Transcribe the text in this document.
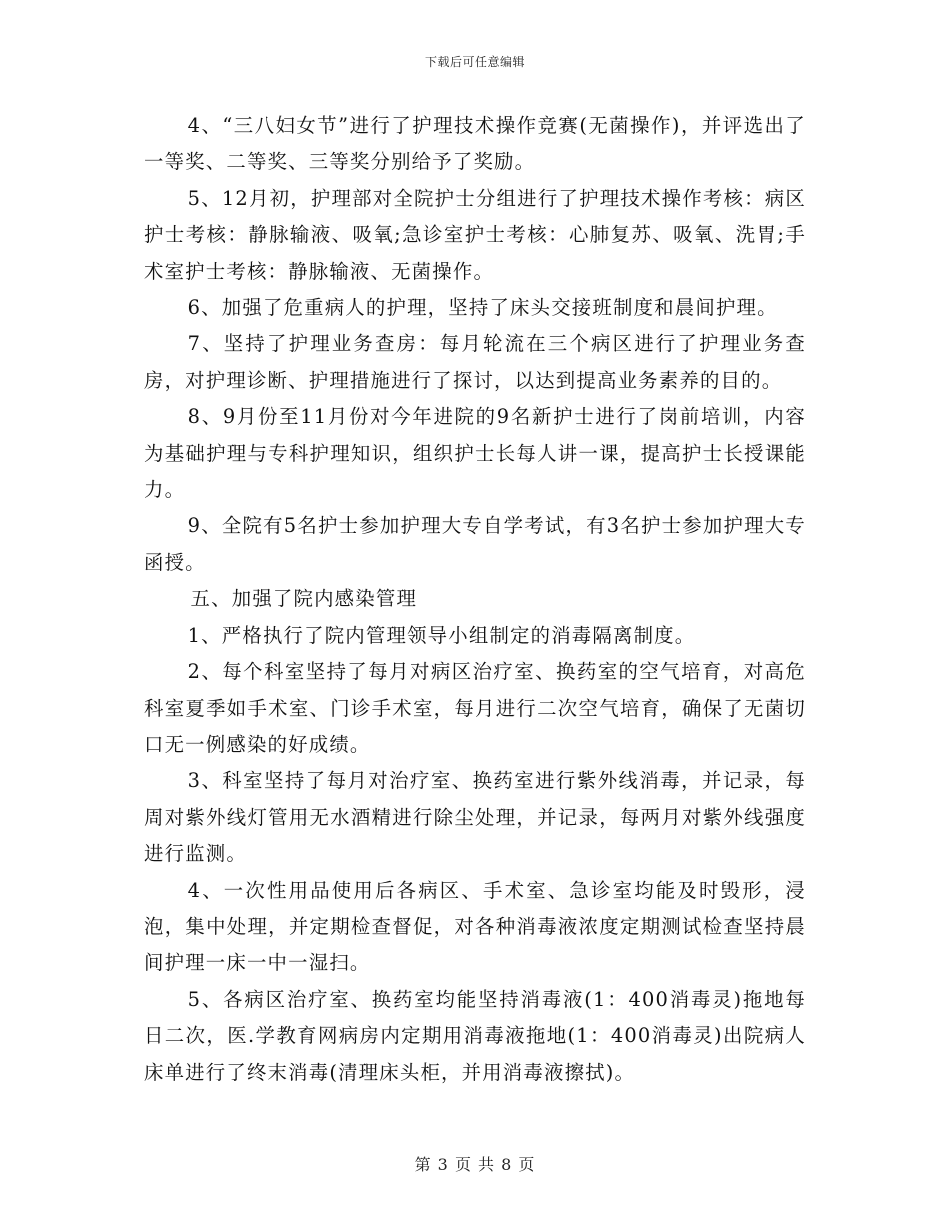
下载后可任意编辑

4、“三八妇女节”进行了护理技术操作竞赛(无菌操作)，并评选出了一等奖、二等奖、三等奖分别给予了奖励。

5、12月初，护理部对全院护士分组进行了护理技术操作考核：病区护士考核：静脉输液、吸氧;急诊室护士考核：心肺复苏、吸氧、洗胃;手术室护士考核：静脉输液、无菌操作。

6、加强了危重病人的护理，坚持了床头交接班制度和晨间护理。

7、坚持了护理业务查房：每月轮流在三个病区进行了护理业务查房，对护理诊断、护理措施进行了探讨，以达到提高业务素养的目的。

8、9月份至11月份对今年进院的9名新护士进行了岗前培训，内容为基础护理与专科护理知识，组织护士长每人讲一课，提高护士长授课能力。

9、全院有5名护士参加护理大专自学考试，有3名护士参加护理大专函授。

五、加强了院内感染管理

1、严格执行了院内管理领导小组制定的消毒隔离制度。

2、每个科室坚持了每月对病区治疗室、换药室的空气培育，对高危科室夏季如手术室、门诊手术室，每月进行二次空气培育，确保了无菌切口无一例感染的好成绩。

3、科室坚持了每月对治疗室、换药室进行紫外线消毒，并记录，每周对紫外线灯管用无水酒精进行除尘处理，并记录，每两月对紫外线强度进行监测。

4、一次性用品使用后各病区、手术室、急诊室均能及时毁形，浸泡，集中处理，并定期检查督促，对各种消毒液浓度定期测试检查坚持晨间护理一床一中一湿扫。

5、各病区治疗室、换药室均能坚持消毒液(1：400消毒灵)拖地每日二次，医.学教育网病房内定期用消毒液拖地(1：400消毒灵)出院病人床单进行了终末消毒(清理床头柜，并用消毒液擦拭)。

第 3 页 共 8 页
